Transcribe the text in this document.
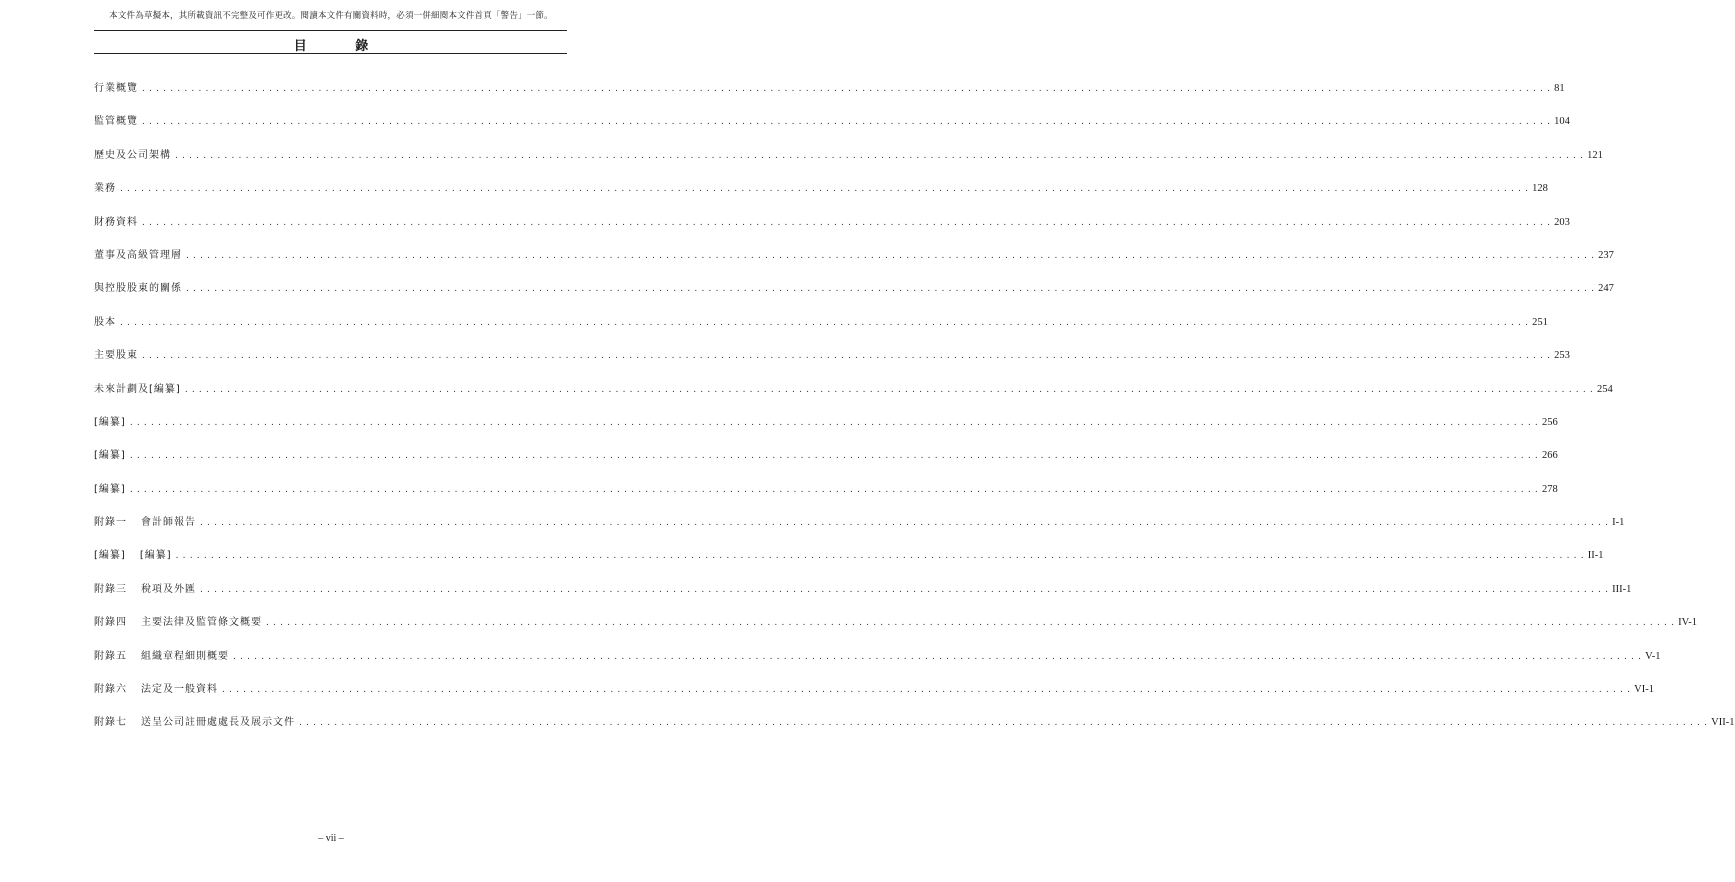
本文件為草擬本，其所載資訊不完整及可作更改。閱讀本文件有關資料時，必須一併細閱本文件首頁「警告」一節。
目 錄
行業概覽 ........................................................................................................................................................................................................ 81
監管概覽 ........................................................................................................................................................................................................ 104
歷史及公司架構 ........................................................................................................................................................................................................ 121
業務 ........................................................................................................................................................................................................ 128
財務資料 ........................................................................................................................................................................................................ 203
董事及高級管理層 ........................................................................................................................................................................................................ 237
與控股股東的關係 ........................................................................................................................................................................................................ 247
股本 ........................................................................................................................................................................................................ 251
主要股東 ........................................................................................................................................................................................................ 253
未來計劃及[編纂] ........................................................................................................................................................................................................ 254
[編纂] ........................................................................................................................................................................................................ 256
[編纂] ........................................................................................................................................................................................................ 266
[編纂] ........................................................................................................................................................................................................ 278
附錄一 會計師報告 ........................................................................................................................................................................................................ I-1
[編纂] [編纂] ........................................................................................................................................................................................................ II-1
附錄三 稅項及外匯 ........................................................................................................................................................................................................ III-1
附錄四 主要法律及監管條文概要 ........................................................................................................................................................................................................ IV-1
附錄五 組織章程細則概要 ........................................................................................................................................................................................................ V-1
附錄六 法定及一般資料 ........................................................................................................................................................................................................ VI-1
附錄七 送呈公司註冊處處長及展示文件 ........................................................................................................................................................................................................ VII-1
– vii –
